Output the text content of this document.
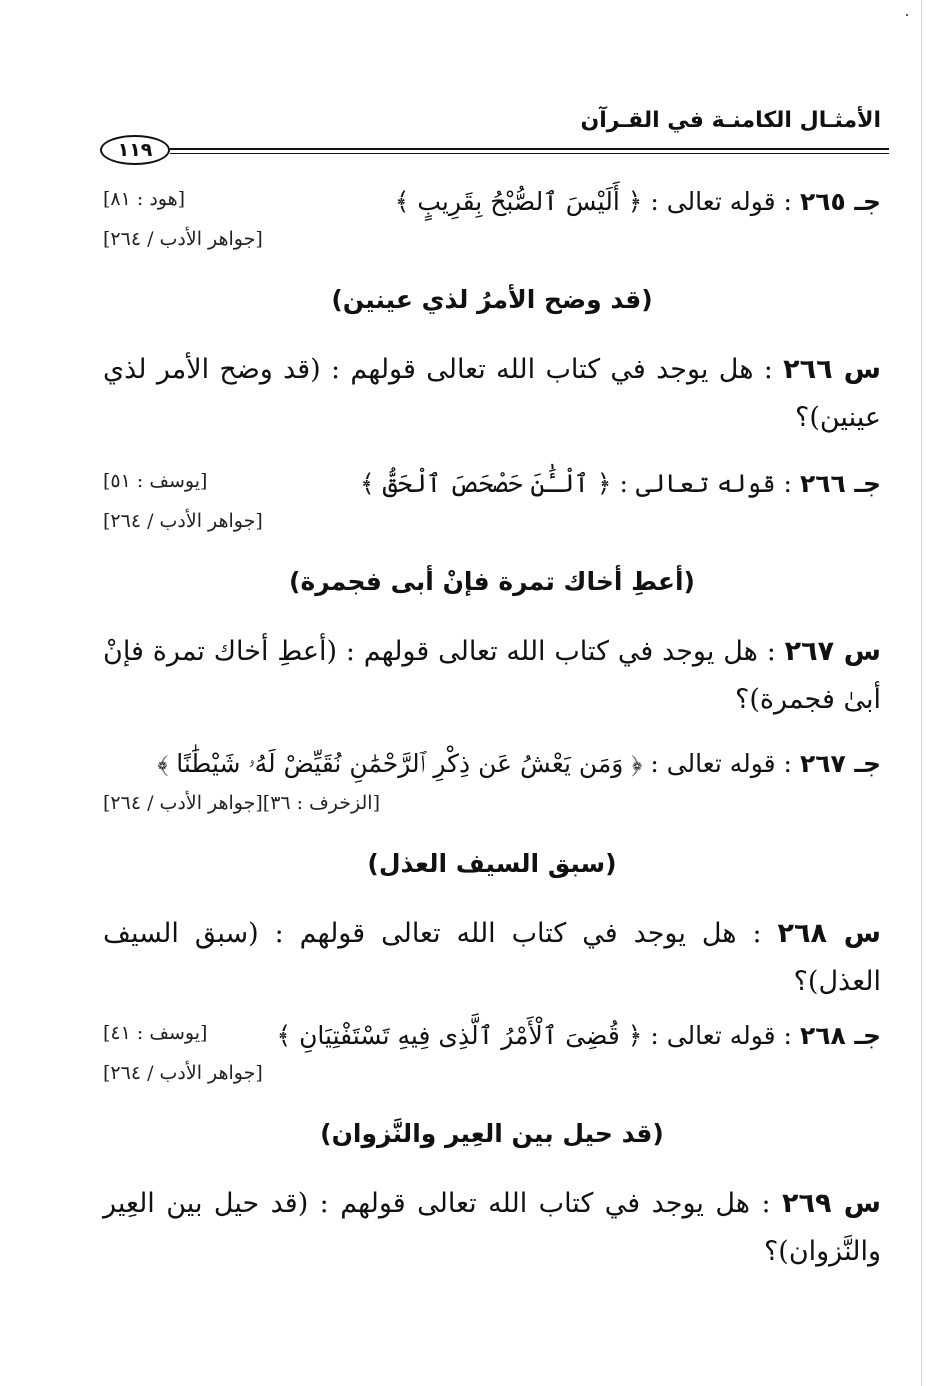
الأمثـال الكامنـة في القـرآن
١١٩
جـ ٢٦٥ : قوله تعالى : ﴿ أَلَيْسَ ٱلصُّبْحُ بِقَرِيبٍ ﴾
[هود : ٨١]
[جواهر الأدب / ٢٦٤]
(قد وضح الأمرُ لذي عينين)

س ٢٦٦ : هل يوجد في كتاب الله تعالى قولهم : (قد وضح الأمر لذي عينين)؟

جـ ٢٦٦ : قوله تعالى : ﴿ ٱلْـَٰٔنَ حَصْحَصَ ٱلْحَقُّ ﴾
[يوسف : ٥١]
[جواهر الأدب / ٢٦٤]
(أعطِ أخاك تمرة فإنْ أبى فجمرة)

س ٢٦٧ : هل يوجد في كتاب الله تعالى قولهم : (أعطِ أخاك تمرة فإنْ أبىٰ فجمرة)؟

جـ ٢٦٧ : قوله تعالى : ﴿ وَمَن يَعْشُ عَن ذِكْرِ ٱلرَّحْمَٰنِ نُقَيِّضْ لَهُۥ شَيْطَٰنًا ﴾
[الزخرف : ٣٦][جواهر الأدب / ٢٦٤]
(سبق السيف العذل)

س ٢٦٨ : هل يوجد في كتاب الله تعالى قولهم : (سبق السيف العذل)؟

جـ ٢٦٨ : قوله تعالى : ﴿ قُضِىَ ٱلْأَمْرُ ٱلَّذِى فِيهِ تَسْتَفْتِيَانِ ﴾
[يوسف : ٤١]
[جواهر الأدب / ٢٦٤]
(قد حيل بين العِير والنَّزوان)

س ٢٦٩ : هل يوجد في كتاب الله تعالى قولهم : (قد حيل بين العِير والنَّزوان)؟
